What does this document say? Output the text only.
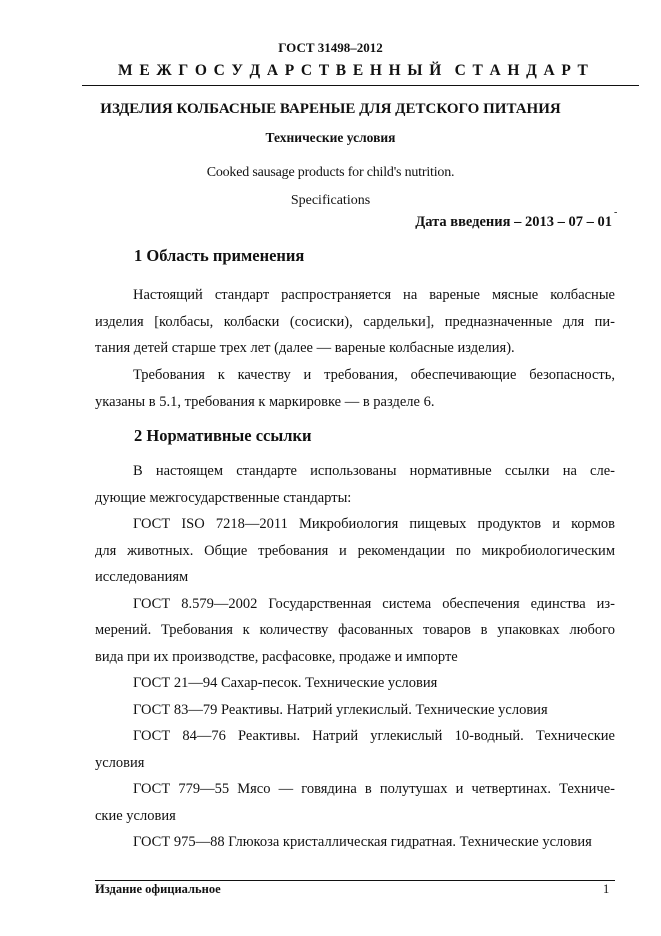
ГОСТ 31498–2012
М Е Ж Г О С У Д А Р С Т В Е Н Н Ы Й С Т А Н Д А Р Т
ИЗДЕЛИЯ КОЛБАСНЫЕ ВАРЕНЫЕ ДЛЯ ДЕТСКОГО ПИТАНИЯ
Технические условия
Cooked sausage products for child's nutrition.
Specifications
Дата введения – 2013 – 07 – 01
-
1 Область применения
Настоящий стандарт распространяется на вареные мясные колбасные
изделия [колбасы, колбаски (сосиски), сардельки], предназначенные для пи-
тания детей старше трех лет (далее — вареные колбасные изделия).
Требования к качеству и требования, обеспечивающие безопасность,
указаны в 5.1, требования к маркировке — в разделе 6.
2 Нормативные ссылки
В настоящем стандарте использованы нормативные ссылки на сле-
дующие межгосударственные стандарты:
ГОСТ ISO 7218—2011 Микробиология пищевых продуктов и кормов
для животных. Общие требования и рекомендации по микробиологическим
исследованиям
ГОСТ 8.579—2002 Государственная система обеспечения единства из-
мерений. Требования к количеству фасованных товаров в упаковках любого
вида при их производстве, расфасовке, продаже и импорте
ГОСТ 21—94 Сахар-песок. Технические условия
ГОСТ 83—79 Реактивы. Натрий углекислый. Технические условия
ГОСТ 84—76 Реактивы. Натрий углекислый 10-водный. Технические
условия
ГОСТ 779—55 Мясо — говядина в полутушах и четвертинах. Техниче-
ские условия
ГОСТ 975—88 Глюкоза кристаллическая гидратная. Технические условия
Издание официальное	1
